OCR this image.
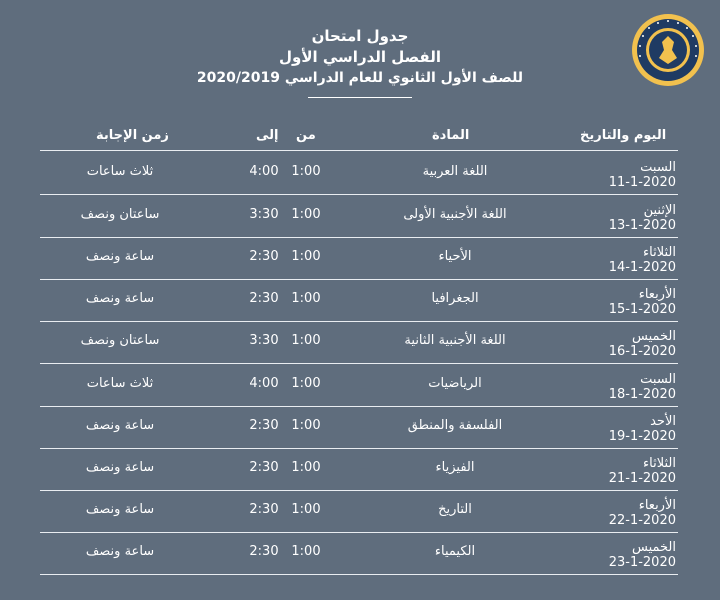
جدول امتحان
الفصل الدراسي الأول
للصف الأول الثانوي للعام الدراسي 2020/2019
اليوم والتاريخ
المادة
من
إلى
زمن الإجابة
السبت
11-1-2020
اللغة العربية
1:00
4:00
ثلاث ساعات
الإثنين
13-1-2020
اللغة الأجنبية الأولى
1:00
3:30
ساعتان ونصف
الثلاثاء
14-1-2020
الأحياء
1:00
2:30
ساعة ونصف
الأربعاء
15-1-2020
الجغرافيا
1:00
2:30
ساعة ونصف
الخميس
16-1-2020
اللغة الأجنبية الثانية
1:00
3:30
ساعتان ونصف
السبت
18-1-2020
الرياضيات
1:00
4:00
ثلاث ساعات
الأحد
19-1-2020
الفلسفة والمنطق
1:00
2:30
ساعة ونصف
الثلاثاء
21-1-2020
الفيزياء
1:00
2:30
ساعة ونصف
الأربعاء
22-1-2020
التاريخ
1:00
2:30
ساعة ونصف
الخميس
23-1-2020
الكيمياء
1:00
2:30
ساعة ونصف
